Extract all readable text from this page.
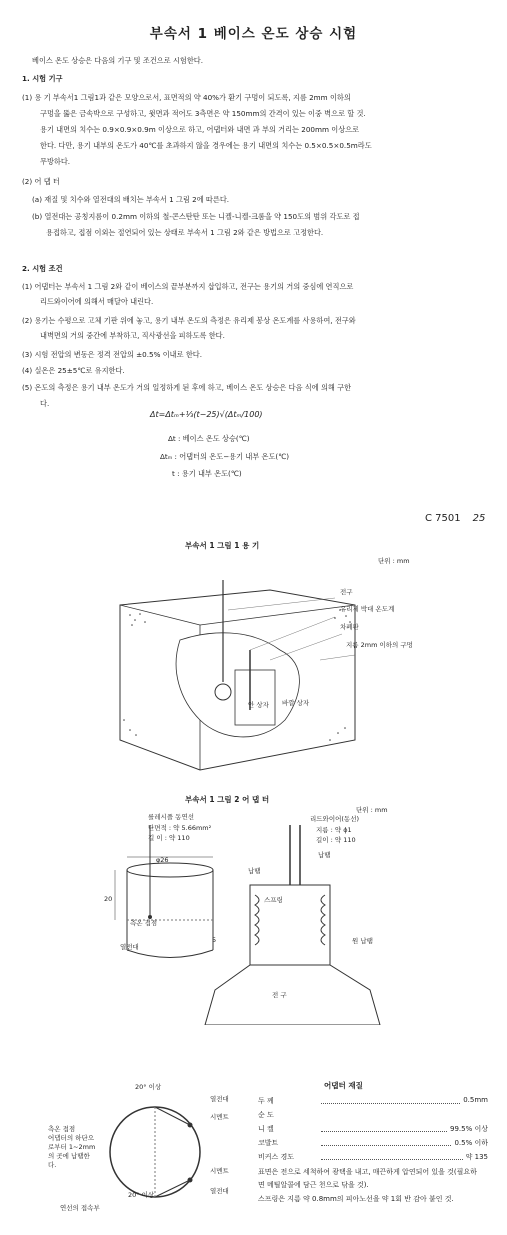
부속서 1 베이스 온도 상승 시험
베이스 온도 상승은 다음의 기구 및 조건으로 시험한다.
1. 시험 기구
(1) 용 기 부속서1 그림1과 같은 모양으로서, 표면적의 약 40%가 환기 구멍이 되도록, 지름 2mm 이하의
구멍을 뚫은 금속박으로 구성하고, 윗면과 적어도 3측면은 약 150mm의 간격이 있는 이중 벽으로 할 것.
용기 내면의 치수는 0.9×0.9×0.9m 이상으로 하고, 어댑터와 내면 과 부의 거리는 200mm 이상으로
한다. 다만, 용기 내부의 온도가 40℃를 초과하지 않을 경우에는 용기 내면의 치수는 0.5×0.5×0.5m라도
무방하다.
(2) 어 댑 터
(a) 재질 및 치수와 열전대의 배치는 부속서 1 그림 2에 따른다.
(b) 열전대는 공칭지름이 0.2mm 이하의 철-콘스탄탄 또는 니켈-니켈-크롬을 약 150도의 범위 각도로 접
용접하고, 접점 이외는 절연되어 있는 상태로 부속서 1 그림 2와 같은 방법으로 고정한다.
2. 시험 조건
(1) 어댑터는 부속서 1 그림 2와 같이 베이스의 끝부분까지 삽입하고, 전구는 용기의 거의 중심에 연직으로
리드와이어에 의해서 매달아 내린다.
(2) 용기는 수평으로 고체 기판 위에 놓고, 용기 내부 온도의 측정은 유리제 봉상 온도계를 사용하여, 전구와
내벽면의 거의 중간에 부착하고, 직사광선을 피하도록 한다.
(3) 시험 전압의 변동은 정격 전압의 ±0.5% 이내로 한다.
(4) 실온은 25±5℃로 유지한다.
(5) 온도의 측정은 용기 내부 온도가 거의 일정하게 된 후에 하고, 베이스 온도 상승은 다음 식에 의해 구한
다.
Δt=Δtₘ+⅓(t−25)√(Δtₘ/100)
Δt : 베이스 온도 상승(℃)
Δtₘ : 어댑터의 온도−용기 내부 온도(℃)
t : 용기 내부 온도(℃)
C 7501 25
부속서 1 그림 1 용 기
단위 : mm
전구
유리제 박대 온도계
차폐판
지름 2mm 이하의 구멍
안 상자 바깥 상자
부속서 1 그림 2 어 댑 터
단위 : mm
를레시플 동연선
단면적 : 약 5.66mm²
길 이 : 약 110
φ26
20
측온 접점
열전대
5
리드와이어(동선)
지름 : 약 ϕ1
길이 : 약 110
납땜
납땜
스프링
원 납땜
전 구
20° 이상
열전대
시멘트
측온 접점
어댑터의 하단으로부터 1~2mm의 곳에 납땜한다.
시멘트
열전대
연선의 접속부
20° 이상
어댑터 재질
두 께	0.5mm
순 도
니 켈	99.5% 이상
코발트	0.5% 이하
비커스 경도	약 135
표면은 전으로 세척하여 광택을 내고, 매끈하게 압연되어 있을 것(필요하면 메틸알콜에 담근 천으로 닦을 것).
스프링은 지름 약 0.8mm의 피아노선을 약 1회 반 감아 붙인 것.
